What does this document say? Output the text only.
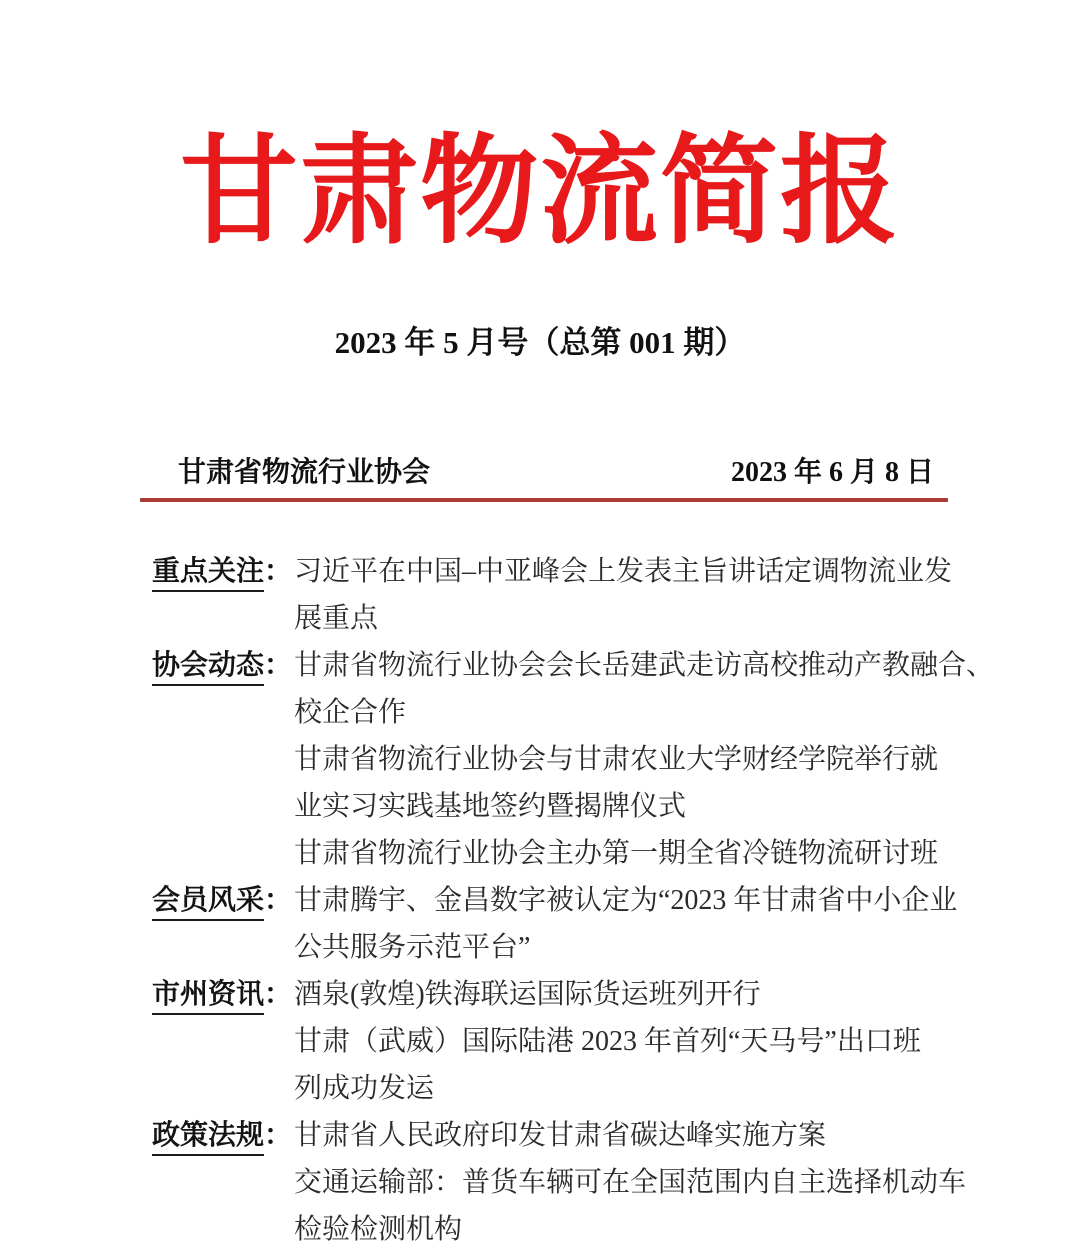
甘肃物流简报
2023 年 5 月号（总第 001 期）
甘肃省物流行业协会	2023 年 6 月 8 日
重点关注： 习近平在中国–中亚峰会上发表主旨讲话定调物流业发
展重点
协会动态： 甘肃省物流行业协会会长岳建武走访高校推动产教融合、
校企合作
甘肃省物流行业协会与甘肃农业大学财经学院举行就
业实习实践基地签约暨揭牌仪式
甘肃省物流行业协会主办第一期全省冷链物流研讨班
会员风采： 甘肃腾宇、金昌数字被认定为“2023 年甘肃省中小企业
公共服务示范平台”
市州资讯： 酒泉(敦煌)铁海联运国际货运班列开行
甘肃（武威）国际陆港 2023 年首列“天马号”出口班
列成功发运
政策法规： 甘肃省人民政府印发甘肃省碳达峰实施方案
交通运输部：普货车辆可在全国范围内自主选择机动车
检验检测机构
